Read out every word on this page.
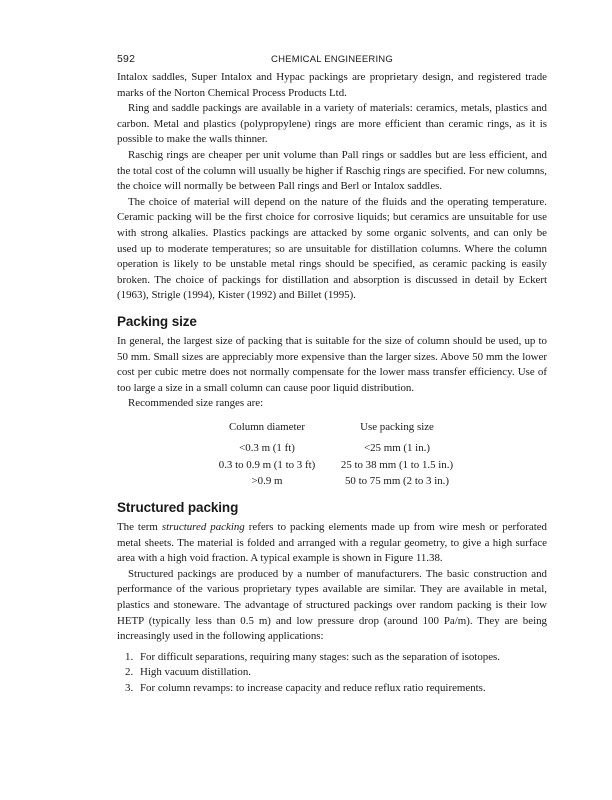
592	CHEMICAL ENGINEERING

Intalox saddles, Super Intalox and Hypac packings are proprietary design, and registered trade marks of the Norton Chemical Process Products Ltd.

Ring and saddle packings are available in a variety of materials: ceramics, metals, plastics and carbon. Metal and plastics (polypropylene) rings are more efficient than ceramic rings, as it is possible to make the walls thinner.

Raschig rings are cheaper per unit volume than Pall rings or saddles but are less efficient, and the total cost of the column will usually be higher if Raschig rings are specified. For new columns, the choice will normally be between Pall rings and Berl or Intalox saddles.

The choice of material will depend on the nature of the fluids and the operating temperature. Ceramic packing will be the first choice for corrosive liquids; but ceramics are unsuitable for use with strong alkalies. Plastics packings are attacked by some organic solvents, and can only be used up to moderate temperatures; so are unsuitable for distillation columns. Where the column operation is likely to be unstable metal rings should be specified, as ceramic packing is easily broken. The choice of packings for distillation and absorption is discussed in detail by Eckert (1963), Strigle (1994), Kister (1992) and Billet (1995).

Packing size

In general, the largest size of packing that is suitable for the size of column should be used, up to 50 mm. Small sizes are appreciably more expensive than the larger sizes. Above 50 mm the lower cost per cubic metre does not normally compensate for the lower mass transfer efficiency. Use of too large a size in a small column can cause poor liquid distribution.

Recommended size ranges are:

Column diameter	Use packing size
<0.3 m (1 ft)	<25 mm (1 in.)
0.3 to 0.9 m (1 to 3 ft)	25 to 38 mm (1 to 1.5 in.)
>0.9 m	50 to 75 mm (2 to 3 in.)
Structured packing

The term structured packing refers to packing elements made up from wire mesh or perforated metal sheets. The material is folded and arranged with a regular geometry, to give a high surface area with a high void fraction. A typical example is shown in Figure 11.38.

Structured packings are produced by a number of manufacturers. The basic construction and performance of the various proprietary types available are similar. They are available in metal, plastics and stoneware. The advantage of structured packings over random packing is their low HETP (typically less than 0.5 m) and low pressure drop (around 100 Pa/m). They are being increasingly used in the following applications:

1. For difficult separations, requiring many stages: such as the separation of isotopes.
2. High vacuum distillation.
3. For column revamps: to increase capacity and reduce reflux ratio requirements.
